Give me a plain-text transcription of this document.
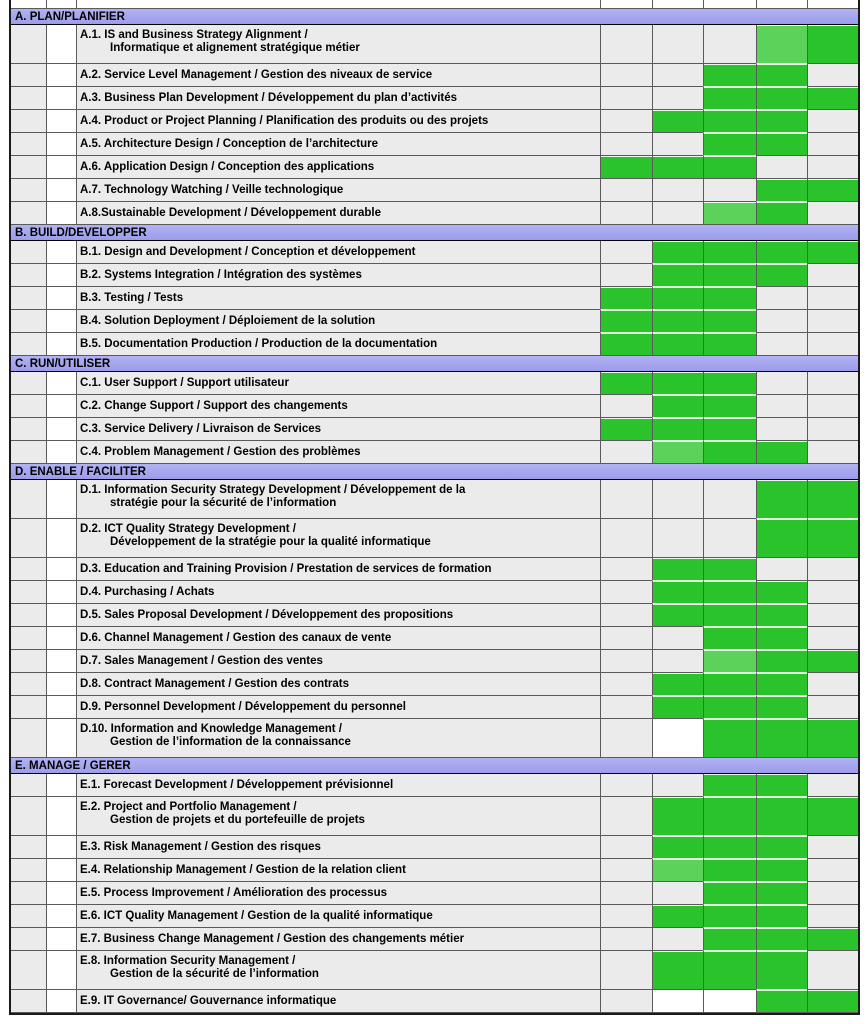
A. PLAN/PLANIFIER
A.1. IS and Business Strategy Alignment /
Informatique et alignement stratégique métier
A.2. Service Level Management / Gestion des niveaux de service
A.3. Business Plan Development / Développement du plan d’activités
A.4. Product or Project Planning / Planification des produits ou des projets
A.5. Architecture Design / Conception de l’architecture
A.6. Application Design / Conception des applications
A.7. Technology Watching / Veille technologique
A.8.Sustainable Development / Développement durable
B. BUILD/DEVELOPPER
B.1. Design and Development / Conception et développement
B.2. Systems Integration / Intégration des systèmes
B.3. Testing / Tests
B.4. Solution Deployment / Déploiement de la solution
B.5. Documentation Production / Production de la documentation
C. RUN/UTILISER
C.1. User Support / Support utilisateur
C.2. Change Support / Support des changements
C.3. Service Delivery / Livraison de Services
C.4. Problem Management / Gestion des problèmes
D. ENABLE / FACILITER
D.1. Information Security Strategy Development / Développement de la
stratégie pour la sécurité de l’information
D.2. ICT Quality Strategy Development /
Développement de la stratégie pour la qualité informatique
D.3. Education and Training Provision / Prestation de services de formation
D.4. Purchasing / Achats
D.5. Sales Proposal Development / Développement des propositions
D.6. Channel Management / Gestion des canaux de vente
D.7. Sales Management / Gestion des ventes
D.8. Contract Management / Gestion des contrats
D.9. Personnel Development / Développement du personnel
D.10. Information and Knowledge Management /
Gestion de l’information de la connaissance
E. MANAGE / GERER
E.1. Forecast Development / Développement prévisionnel
E.2. Project and Portfolio Management /
Gestion de projets et du portefeuille de projets
E.3. Risk Management / Gestion des risques
E.4. Relationship Management / Gestion de la relation client
E.5. Process Improvement / Amélioration des processus
E.6. ICT Quality Management / Gestion de la qualité informatique
E.7. Business Change Management / Gestion des changements métier
E.8. Information Security Management /
Gestion de la sécurité de l’information
E.9. IT Governance/ Gouvernance informatique
